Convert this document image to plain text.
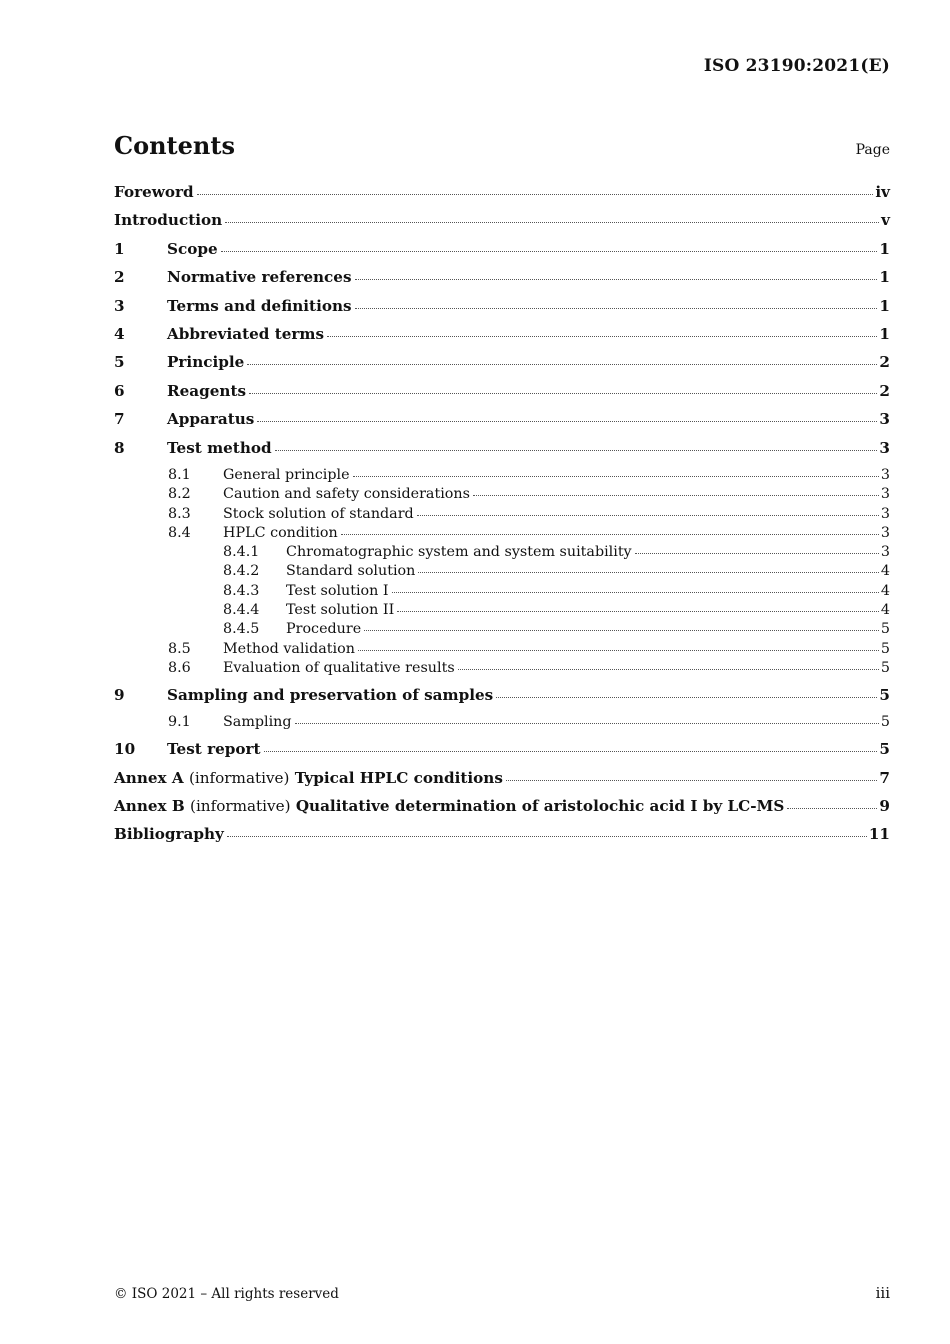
ISO 23190:2021(E)
Contents	Page
Foreword	iv
Introduction	v
1	Scope	1
2	Normative references	1
3	Terms and definitions	1
4	Abbreviated terms	1
5	Principle	2
6	Reagents	2
7	Apparatus	3
8	Test method	3
8.1	General principle	3
8.2	Caution and safety considerations	3
8.3	Stock solution of standard	3
8.4	HPLC condition	3
8.4.1	Chromatographic system and system suitability	3
8.4.2	Standard solution	4
8.4.3	Test solution I	4
8.4.4	Test solution II	4
8.4.5	Procedure	5
8.5	Method validation	5
8.6	Evaluation of qualitative results	5
9	Sampling and preservation of samples	5
9.1	Sampling	5
10	Test report	5
Annex A (informative) Typical HPLC conditions	7
Annex B (informative) Qualitative determination of aristolochic acid I by LC-MS	9
Bibliography	11
© ISO 2021 – All rights reserved	iii
